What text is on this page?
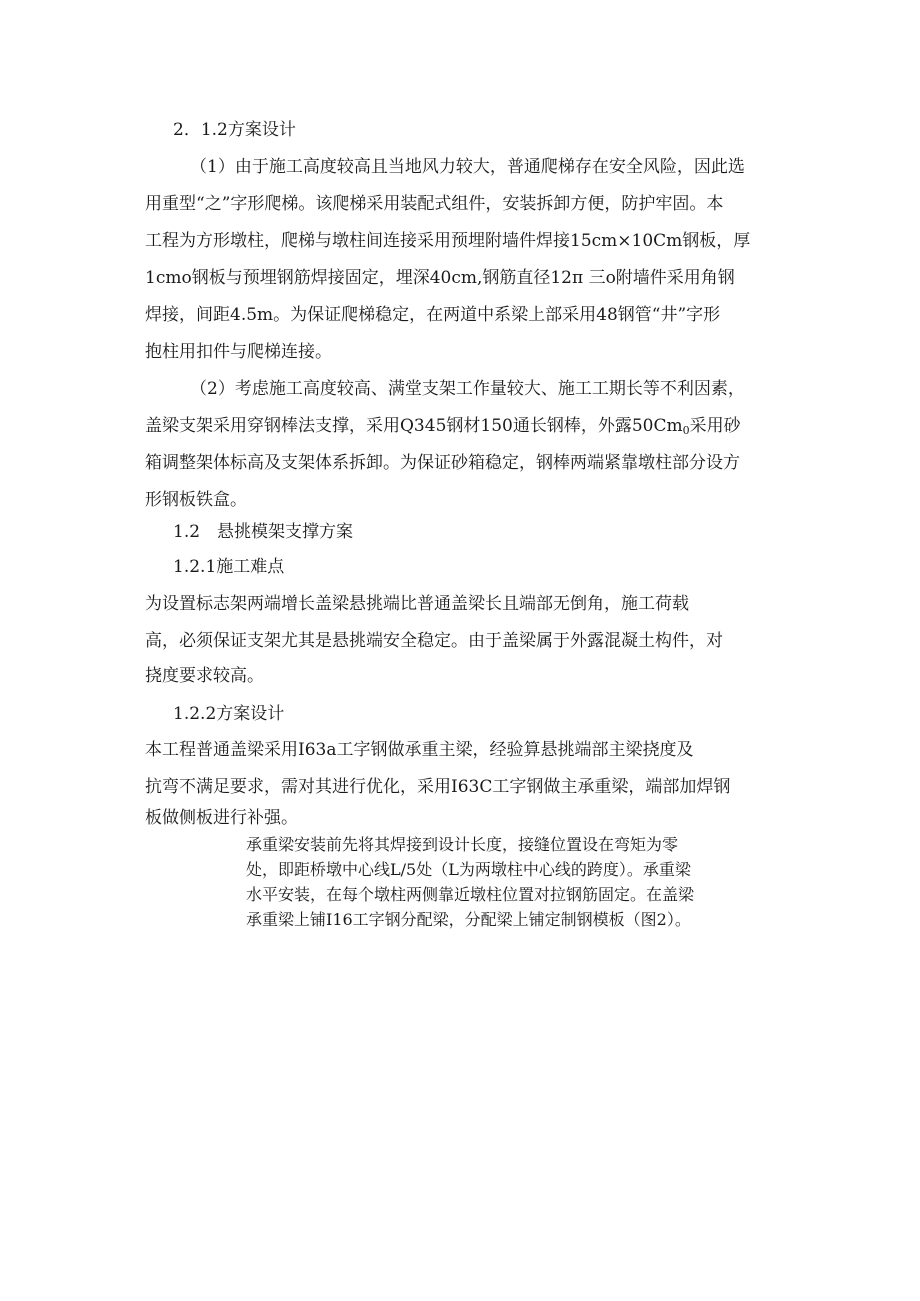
2．1.2方案设计
（1）由于施工高度较高且当地风力较大，普通爬梯存在安全风险，因此选
用重型“之”字形爬梯。该爬梯采用装配式组件，安装拆卸方便，防护牢固。本
工程为方形墩柱，爬梯与墩柱间连接采用预埋附墙件焊接15cm×10Cm钢板，厚
1cmo钢板与预埋钢筋焊接固定，埋深40cm,钢筋直径12π 三o附墙件采用角钢
焊接，间距4.5m。为保证爬梯稳定，在两道中系梁上部采用48钢管“井”字形
抱柱用扣件与爬梯连接。
（2）考虑施工高度较高、满堂支架工作量较大、施工工期长等不利因素，
盖梁支架采用穿钢棒法支撑，采用Q345钢材150通长钢棒，外露$50Cm_0$采用砂
箱调整架体标高及支架体系拆卸。为保证砂箱稳定，钢棒两端紧靠墩柱部分设方
形钢板铁盒。
1.2　悬挑模架支撑方案
1.2.1施工难点
为设置标志架两端增长盖梁悬挑端比普通盖梁长且端部无倒角，施工荷载
高，必须保证支架尤其是悬挑端安全稳定。由于盖梁属于外露混凝土构件，对
挠度要求较高。
1.2.2方案设计
本工程普通盖梁采用I63a工字钢做承重主梁，经验算悬挑端部主梁挠度及
抗弯不满足要求，需对其进行优化，采用I63C工字钢做主承重梁，端部加焊钢
板做侧板进行补强。
承重梁安装前先将其焊接到设计长度，接缝位置设在弯矩为零
处，即距桥墩中心线L/5处（L为两墩柱中心线的跨度）。承重梁
水平安装，在每个墩柱两侧靠近墩柱位置对拉钢筋固定。在盖梁
承重梁上铺I16工字钢分配梁，分配梁上铺定制钢模板（图2）。
